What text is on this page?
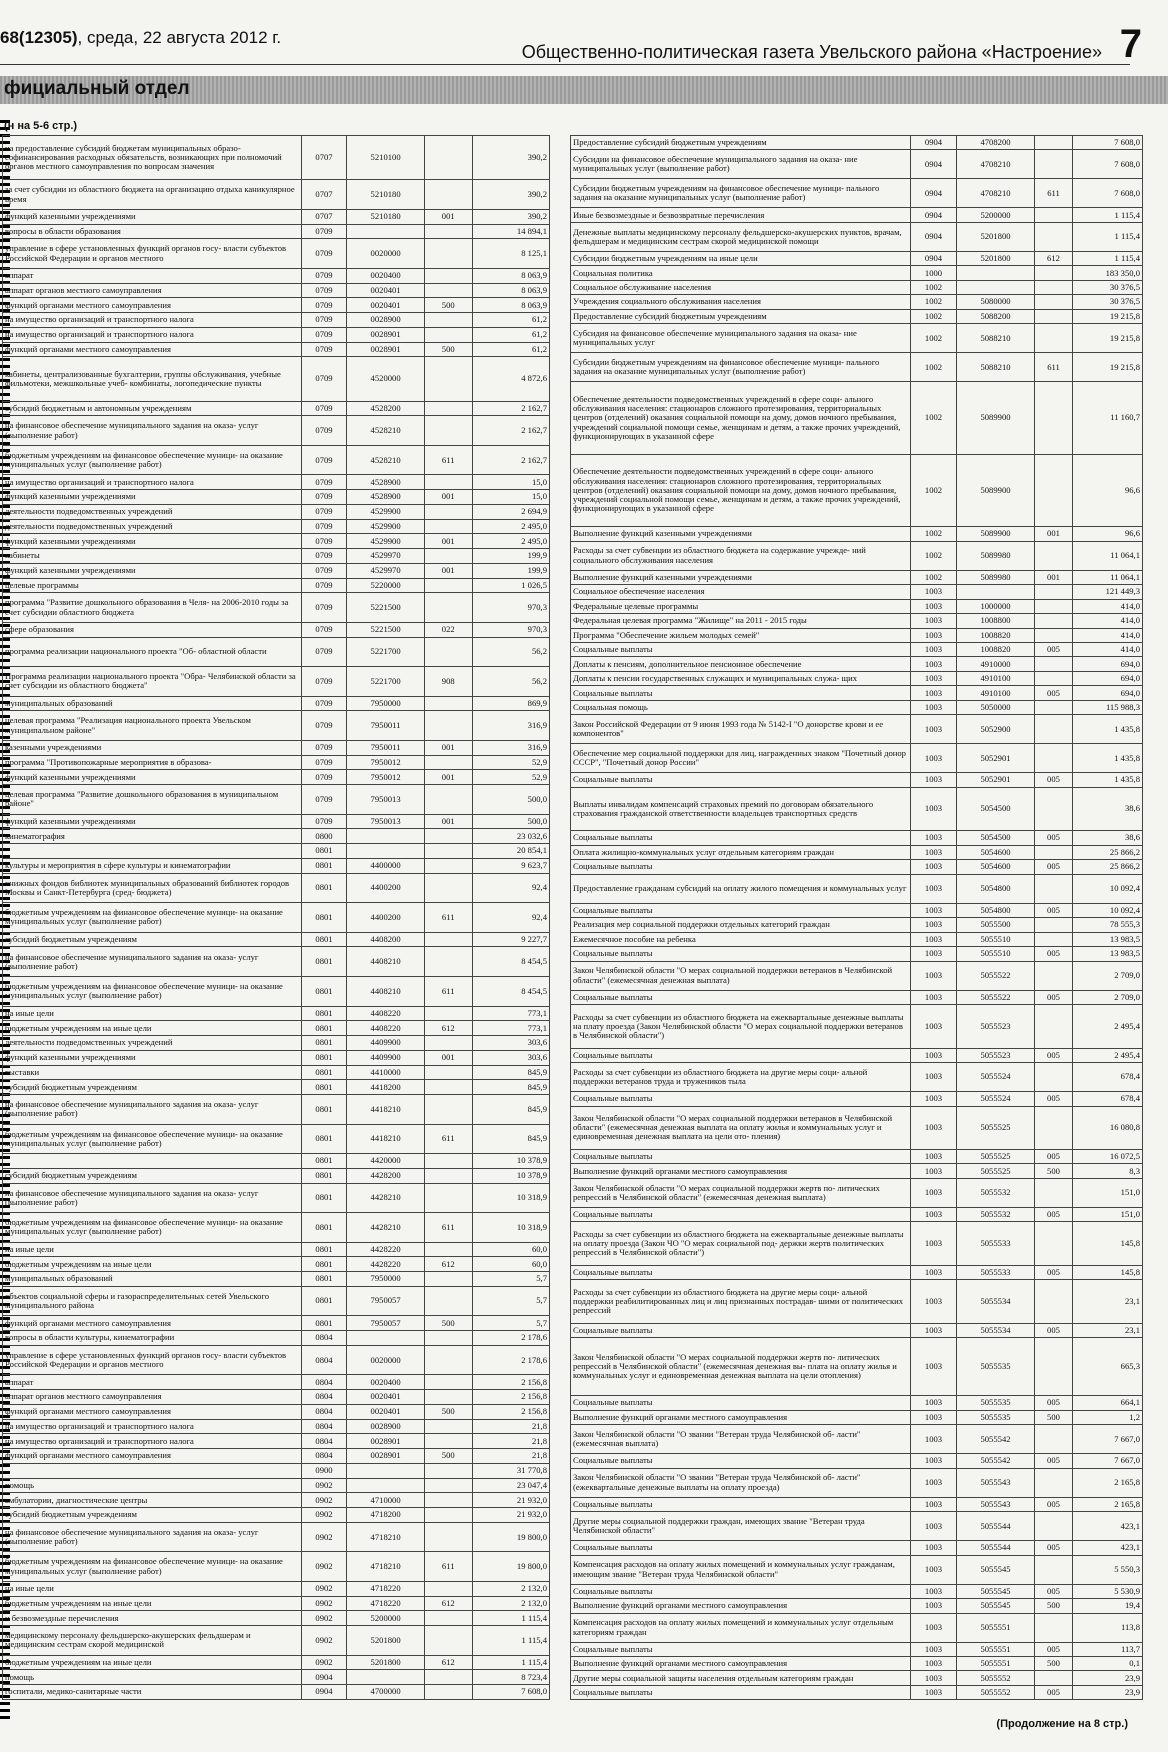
68(12305), среда, 22 августа 2012 г.
Общественно-политическая газета Увельского района «Настроение» 7
фициальный отдел
(н на 5-6 стр.)
на предоставление субсидий бюджетам муниципальных образо- софинансирования расходных обязательств, возникающих при полномочий органов местного самоуправления по вопросам значения	0707	5210100		390,2
за счет субсидии из областного бюджета на организацию отдыха каникулярное время	0707	5210180		390,2
функций казенными учреждениями	0707	5210180	001	390,2
вопросы в области образования	0709			14 894,1
управление в сфере установленных функций органов госу- власти субъектов Российской Федерации и органов местного	0709	0020000		8 125,1
аппарат	0709	0020400		8 063,9
аппарат органов местного самоуправления	0709	0020401		8 063,9
функций органами местного самоуправления	0709	0020401	500	8 063,9
на имущество организаций и транспортного налога	0709	0028900		61,2
на имущество организаций и транспортного налога	0709	0028901		61,2
функций органами местного самоуправления	0709	0028901	500	61,2
кабинеты, централизованные бухгалтерии, группы обслуживания, учебные фильмотеки, межшкольные учеб- комбинаты, логопедические пункты	0709	4520000		4 872,6
субсидий бюджетным и автономным учреждениям	0709	4528200		2 162,7
на финансовое обеспечение муниципального задания на оказа- услуг (выполнение работ)	0709	4528210		2 162,7
бюджетным учреждениям на финансовое обеспечение муници- на оказание муниципальных услуг (выполнение работ)	0709	4528210	611	2 162,7
на имущество организаций и транспортного налога	0709	4528900		15,0
функций казенными учреждениями	0709	4528900	001	15,0
деятельности подведомственных учреждений	0709	4529900		2 694,9
деятельности подведомственных учреждений	0709	4529900		2 495,0
функций казенными учреждениями	0709	4529900	001	2 495,0
кабинеты	0709	4529970		199,9
функций казенными учреждениями	0709	4529970	001	199,9
целевые программы	0709	5220000		1 026,5
программа "Развитие дошкольного образования в Челя- на 2006-2010 годы за счет субсидии областного бюджета	0709	5221500		970,3
сфере образования	0709	5221500	022	970,3
программа реализации национального проекта "Об- областной области	0709	5221700		56,2
Программа реализации национального проекта "Обра- Челябинской области за счет субсидии из областного бюджета"	0709	5221700	908	56,2
муниципальных образований	0709	7950000		869,9
целевая программа "Реализация национального проекта Увельском муниципальном районе"	0709	7950011		316,9
казенными учреждениями	0709	7950011	001	316,9
программа "Противопожарные мероприятия в образова-	0709	7950012		52,9
функций казенными учреждениями	0709	7950012	001	52,9
целевая программа "Развитие дошкольного образования в муниципальном районе"	0709	7950013		500,0
функций казенными учреждениями	0709	7950013	001	500,0
кинематография	0800			23 032,6
	0801			20 854,1
культуры и мероприятия в сфере культуры и кинематографии	0801	4400000		9 623,7
книжных фондов библиотек муниципальных образований библиотек городов Москвы и Санкт-Петербурга (сред- бюджета)	0801	4400200		92,4
бюджетным учреждениям на финансовое обеспечение муници- на оказание муниципальных услуг (выполнение работ)	0801	4400200	611	92,4
субсидий бюджетным учреждениям	0801	4408200		9 227,7
на финансовое обеспечение муниципального задания на оказа- услуг (выполнение работ)	0801	4408210		8 454,5
бюджетным учреждениям на финансовое обеспечение муници- на оказание муниципальных услуг (выполнение работ)	0801	4408210	611	8 454,5
на иные цели	0801	4408220		773,1
бюджетным учреждениям на иные цели	0801	4408220	612	773,1
деятельности подведомственных учреждений	0801	4409900		303,6
функций казенными учреждениями	0801	4409900	001	303,6
выставки	0801	4410000		845,9
субсидий бюджетным учреждениям	0801	4418200		845,9
на финансовое обеспечение муниципального задания на оказа- услуг (выполнение работ)	0801	4418210		845,9
бюджетным учреждениям на финансовое обеспечение муници- на оказание муниципальных услуг (выполнение работ)	0801	4418210	611	845,9
	0801	4420000		10 378,9
субсидий бюджетным учреждениям	0801	4428200		10 378,9
на финансовое обеспечение муниципального задания на оказа- услуг (выполнение работ)	0801	4428210		10 318,9
бюджетным учреждениям на финансовое обеспечение муници- на оказание муниципальных услуг (выполнение работ)	0801	4428210	611	10 318,9
на иные цели	0801	4428220		60,0
бюджетным учреждениям на иные цели	0801	4428220	612	60,0
муниципальных образований	0801	7950000		5,7
объектов социальной сферы и газораспределительных сетей Увельского муниципального района	0801	7950057		5,7
функций органами местного самоуправления	0801	7950057	500	5,7
вопросы в области культуры, кинематографии	0804			2 178,6
управление в сфере установленных функций органов госу- власти субъектов Российской Федерации и органов местного	0804	0020000		2 178,6
аппарат	0804	0020400		2 156,8
аппарат органов местного самоуправления	0804	0020401		2 156,8
функций органами местного самоуправления	0804	0020401	500	2 156,8
на имущество организаций и транспортного налога	0804	0028900		21,8
на имущество организаций и транспортного налога	0804	0028901		21,8
функций органами местного самоуправления	0804	0028901	500	21,8
	0900			31 770,8
помощь	0902			23 047,4
амбулатории, диагностические центры	0902	4710000		21 932,0
субсидий бюджетным учреждениям	0902	4718200		21 932,0
на финансовое обеспечение муниципального задания на оказа- услуг (выполнение работ)	0902	4718210		19 800,0
бюджетным учреждениям на финансовое обеспечение муници- на оказание муниципальных услуг (выполнение работ)	0902	4718210	611	19 800,0
на иные цели	0902	4718220		2 132,0
бюджетным учреждениям на иные цели	0902	4718220	612	2 132,0
и безвозмездные перечисления	0902	5200000		1 115,4
медицинскому персоналу фельдшерско-акушерских фельдшерам и медицинским сестрам скорой медицинской	0902	5201800		1 115,4
бюджетным учреждениям на иные цели	0902	5201800	612	1 115,4
помощь	0904			8 723,4
госпитали, медико-санитарные части	0904	4700000		7 608,0
Предоставление субсидий бюджетным учреждениям	0904	4708200		7 608,0
Субсидии на финансовое обеспечение муниципального задания на оказа- ние муниципальных услуг (выполнение работ)	0904	4708210		7 608,0
Субсидии бюджетным учреждениям на финансовое обеспечение муници- пального задания на оказание муниципальных услуг (выполнение работ)	0904	4708210	611	7 608,0
Иные безвозмездные и безвозвратные перечисления	0904	5200000		1 115,4
Денежные выплаты медицинскому персоналу фельдшерско-акушерских пунктов, врачам, фельдшерам и медицинским сестрам скорой медицинской помощи	0904	5201800		1 115,4
Субсидии бюджетным учреждениям на иные цели	0904	5201800	612	1 115,4
Социальная политика	1000			183 350,0
Социальное обслуживание населения	1002			30 376,5
Учреждения социального обслуживания населения	1002	5080000		30 376,5
Предоставление субсидий бюджетным учреждениям	1002	5088200		19 215,8
Субсидия на финансовое обеспечение муниципального задания на оказа- ние муниципальных услуг	1002	5088210		19 215,8
Субсидии бюджетным учреждениям на финансовое обеспечение муници- пального задания на оказание муниципальных услуг (выполнение работ)	1002	5088210	611	19 215,8
Обеспечение деятельности подведомственных учреждений в сфере соци- ального обслуживания населения: стационаров сложного протезирования, территориальных центров (отделений) оказания социальной помощи на дому, домов ночного пребывания, учреждений социальной помощи семье, женщинам и детям, а также прочих учреждений, функционирующих в указанной сфере	1002	5089900		11 160,7
Обеспечение деятельности подведомственных учреждений в сфере соци- ального обслуживания населения: стационаров сложного протезирования, территориальных центров (отделений) оказания социальной помощи на дому, домов ночного пребывания, учреждений социальной помощи семье, женщинам и детям, а также прочих учреждений, функционирующих в указанной сфере	1002	5089900		96,6
Выполнение функций казенными учреждениями	1002	5089900	001	96,6
Расходы за счет субвенции из областного бюджета на содержание учрежде- ний социального обслуживания населения	1002	5089980		11 064,1
Выполнение функций казенными учреждениями	1002	5089980	001	11 064,1
Социальное обеспечение населения	1003			121 449,3
Федеральные целевые программы	1003	1000000		414,0
Федеральная целевая программа "Жилище" на 2011 - 2015 годы	1003	1008800		414,0
Программа "Обеспечение жильем молодых семей"	1003	1008820		414,0
Социальные выплаты	1003	1008820	005	414,0
Доплаты к пенсиям, дополнительное пенсионное обеспечение	1003	4910000		694,0
Доплаты к пенсии государственных служащих и муниципальных служа- щих	1003	4910100		694,0
Социальные выплаты	1003	4910100	005	694,0
Социальная помощь	1003	5050000		115 988,3
Закон Российской Федерации от 9 июня 1993 года № 5142-I "О донорстве крови и ее компонентов"	1003	5052900		1 435,8
Обеспечение мер социальной поддержки для лиц, награжденных знаком "Почетный донор СССР", "Почетный донор России"	1003	5052901		1 435,8
Социальные выплаты	1003	5052901	005	1 435,8
Выплаты инвалидам компенсаций страховых премий по договорам обязательного страхования гражданской ответственности владельцев транспортных средств	1003	5054500		38,6
Социальные выплаты	1003	5054500	005	38,6
Оплата жилищно-коммунальных услуг отдельным категориям граждан	1003	5054600		25 866,2
Социальные выплаты	1003	5054600	005	25 866,2
Предоставление гражданам субсидий на оплату жилого помещения и коммунальных услуг	1003	5054800		10 092,4
Социальные выплаты	1003	5054800	005	10 092,4
Реализация мер социальной поддержки отдельных категорий граждан	1003	5055500		78 555,3
Ежемесячное пособие на ребенка	1003	5055510		13 983,5
Социальные выплаты	1003	5055510	005	13 983,5
Закон Челябинской области "О мерах социальной поддержки ветеранов в Челябинской области" (ежемесячная денежная выплата)	1003	5055522		2 709,0
Социальные выплаты	1003	5055522	005	2 709,0
Расходы за счет субвенции из областного бюджета на ежеквартальные денежные выплаты на плату проезда (Закон Челябинской области "О мерах социальной поддержки ветеранов в Челябинской области")	1003	5055523		2 495,4
Социальные выплаты	1003	5055523	005	2 495,4
Расходы за счет субвенции из областного бюджета на другие меры соци- альной поддержки ветеранов труда и тружеников тыла	1003	5055524		678,4
Социальные выплаты	1003	5055524	005	678,4
Закон Челябинской области "О мерах социальной поддержки ветеранов в Челябинской области" (ежемесячная денежная выплата на оплату жилья и коммунальных услуг и единовременная денежная выплата на цели ото- пления)	1003	5055525		16 080,8
Социальные выплаты	1003	5055525	005	16 072,5
Выполнение функций органами местного самоуправления	1003	5055525	500	8,3
Закон Челябинской области "О мерах социальной поддержки жертв по- литических репрессий в Челябинской области" (ежемесячная денежная выплата)	1003	5055532		151,0
Социальные выплаты	1003	5055532	005	151,0
Расходы за счет субвенции из областного бюджета на ежеквартальные денежные выплаты на оплату проезда (Закон ЧО "О мерах социальной под- держки жертв политических репрессий в Челябинской области")	1003	5055533		145,8
Социальные выплаты	1003	5055533	005	145,8
Расходы за счет субвенции из областного бюджета на другие меры соци- альной поддержки реабилитированных лиц и лиц признанных пострадав- шими от политических репрессий	1003	5055534		23,1
Социальные выплаты	1003	5055534	005	23,1
Закон Челябинской области "О мерах социальной поддержки жертв по- литических репрессий в Челябинской области" (ежемесячная денежная вы- плата на оплату жилья и коммунальных услуг и единовременная денежная выплата на цели отопления)	1003	5055535		665,3
Социальные выплаты	1003	5055535	005	664,1
Выполнение функций органами местного самоуправления	1003	5055535	500	1,2
Закон Челябинской области "О звании "Ветеран труда Челябинской об- ласти" (ежемесячная выплата)	1003	5055542		7 667,0
Социальные выплаты	1003	5055542	005	7 667,0
Закон Челябинской области "О звании "Ветеран труда Челябинской об- ласти" (ежеквартальные денежные выплаты на оплату проезда)	1003	5055543		2 165,8
Социальные выплаты	1003	5055543	005	2 165,8
Другие меры социальной поддержки граждан, имеющих звание "Ветеран труда Челябинской области"	1003	5055544		423,1
Социальные выплаты	1003	5055544	005	423,1
Компенсация расходов на оплату жилых помещений и коммунальных услуг гражданам, имеющим звание "Ветеран труда Челябинской области"	1003	5055545		5 550,3
Социальные выплаты	1003	5055545	005	5 530,9
Выполнение функций органами местного самоуправления	1003	5055545	500	19,4
Компенсация расходов на оплату жилых помещений и коммунальных услуг отдельным категориям граждан	1003	5055551		113,8
Социальные выплаты	1003	5055551	005	113,7
Выполнение функций органами местного самоуправления	1003	5055551	500	0,1
Другие меры социальной защиты населения отдельным категориям граждан	1003	5055552		23,9
Социальные выплаты	1003	5055552	005	23,9
(Продолжение на 8 стр.)
